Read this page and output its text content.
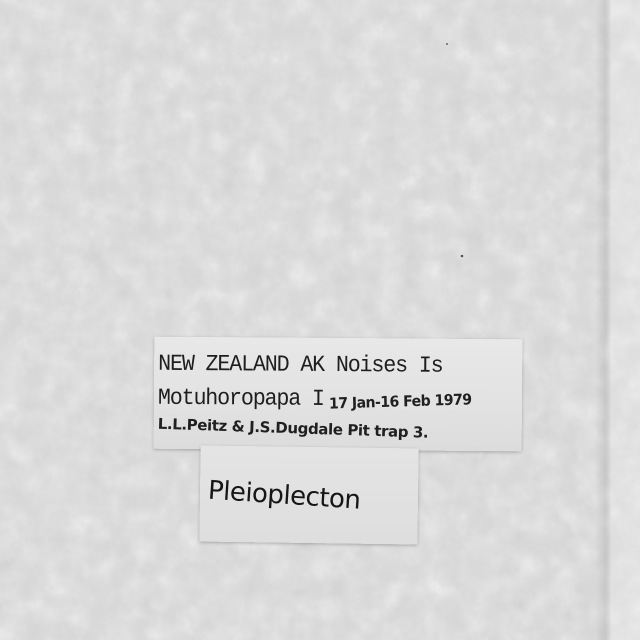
NEW ZEALAND AK Noises Is
Motuhoropapa I 17 Jan-16 Feb 1979
L.L.Peitz & J.S.Dugdale Pit trap 3.
Pleioplecton
